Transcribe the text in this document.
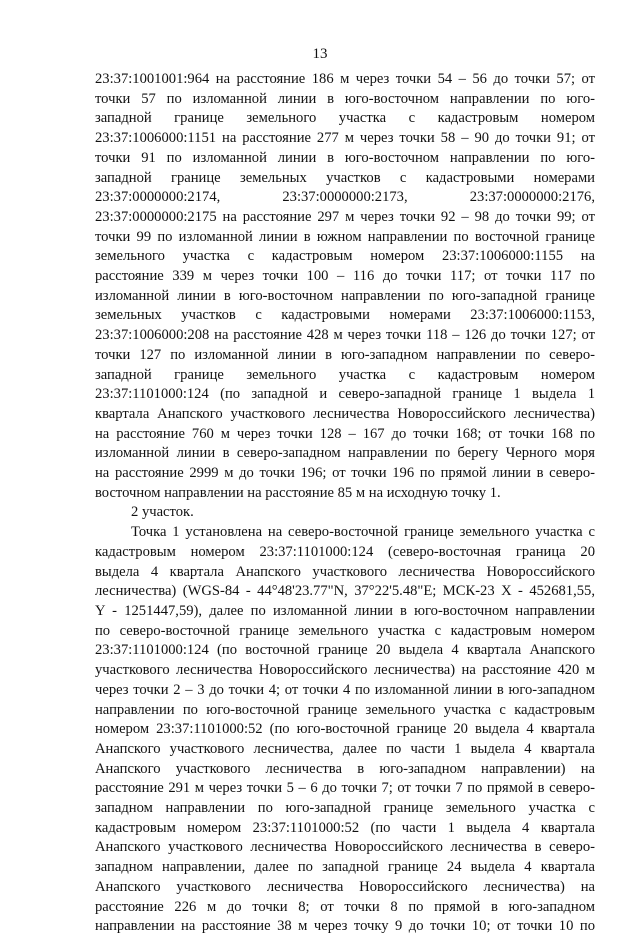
13
23:37:1001001:964 на расстояние 186 м через точки 54 – 56 до точки 57; от
точки 57 по изломанной линии в юго-восточном направлении по юго-
западной границе земельного участка с кадастровым номером
23:37:1006000:1151 на расстояние 277 м через точки 58 – 90 до точки 91; от
точки 91 по изломанной линии в юго-восточном направлении по юго-
западной границе земельных участков с кадастровыми номерами
23:37:0000000:2174, 23:37:0000000:2173, 23:37:0000000:2176,
23:37:0000000:2175 на расстояние 297 м через точки 92 – 98 до точки 99; от
точки 99 по изломанной линии в южном направлении по восточной границе
земельного участка с кадастровым номером 23:37:1006000:1155 на
расстояние 339 м через точки 100 – 116 до точки 117; от точки 117 по
изломанной линии в юго-восточном направлении по юго-западной границе
земельных участков с кадастровыми номерами 23:37:1006000:1153,
23:37:1006000:208 на расстояние 428 м через точки 118 – 126 до точки 127; от
точки 127 по изломанной линии в юго-западном направлении по северо-
западной границе земельного участка с кадастровым номером
23:37:1101000:124 (по западной и северо-западной границе 1 выдела 1
квартала Анапского участкового лесничества Новороссийского лесничества)
на расстояние 760 м через точки 128 – 167 до точки 168; от точки 168 по
изломанной линии в северо-западном направлении по берегу Черного моря
на расстояние 2999 м до точки 196; от точки 196 по прямой линии в северо-
восточном направлении на расстояние 85 м на исходную точку 1.
2 участок.
Точка 1 установлена на северо-восточной границе земельного участка с
кадастровым номером 23:37:1101000:124 (северо-восточная граница 20
выдела 4 квартала Анапского участкового лесничества Новороссийского
лесничества) (WGS-84 - 44°48'23.77"N, 37°22'5.48"E; МСК-23 X - 452681,55,
Y - 1251447,59), далее по изломанной линии в юго-восточном направлении
по северо-восточной границе земельного участка с кадастровым номером
23:37:1101000:124 (по восточной границе 20 выдела 4 квартала Анапского
участкового лесничества Новороссийского лесничества) на расстояние 420 м
через точки 2 – 3 до точки 4; от точки 4 по изломанной линии в юго-западном
направлении по юго-восточной границе земельного участка с кадастровым
номером 23:37:1101000:52 (по юго-восточной границе 20 выдела 4 квартала
Анапского участкового лесничества, далее по части 1 выдела 4 квартала
Анапского участкового лесничества в юго-западном направлении) на
расстояние 291 м через точки 5 – 6 до точки 7; от точки 7 по прямой в северо-
западном направлении по юго-западной границе земельного участка с
кадастровым номером 23:37:1101000:52 (по части 1 выдела 4 квартала
Анапского участкового лесничества Новороссийского лесничества в северо-
западном направлении, далее по западной границе 24 выдела 4 квартала
Анапского участкового лесничества Новороссийского лесничества) на
расстояние 226 м до точки 8; от точки 8 по прямой в юго-западном
направлении на расстояние 38 м через точку 9 до точки 10; от точки 10 по
